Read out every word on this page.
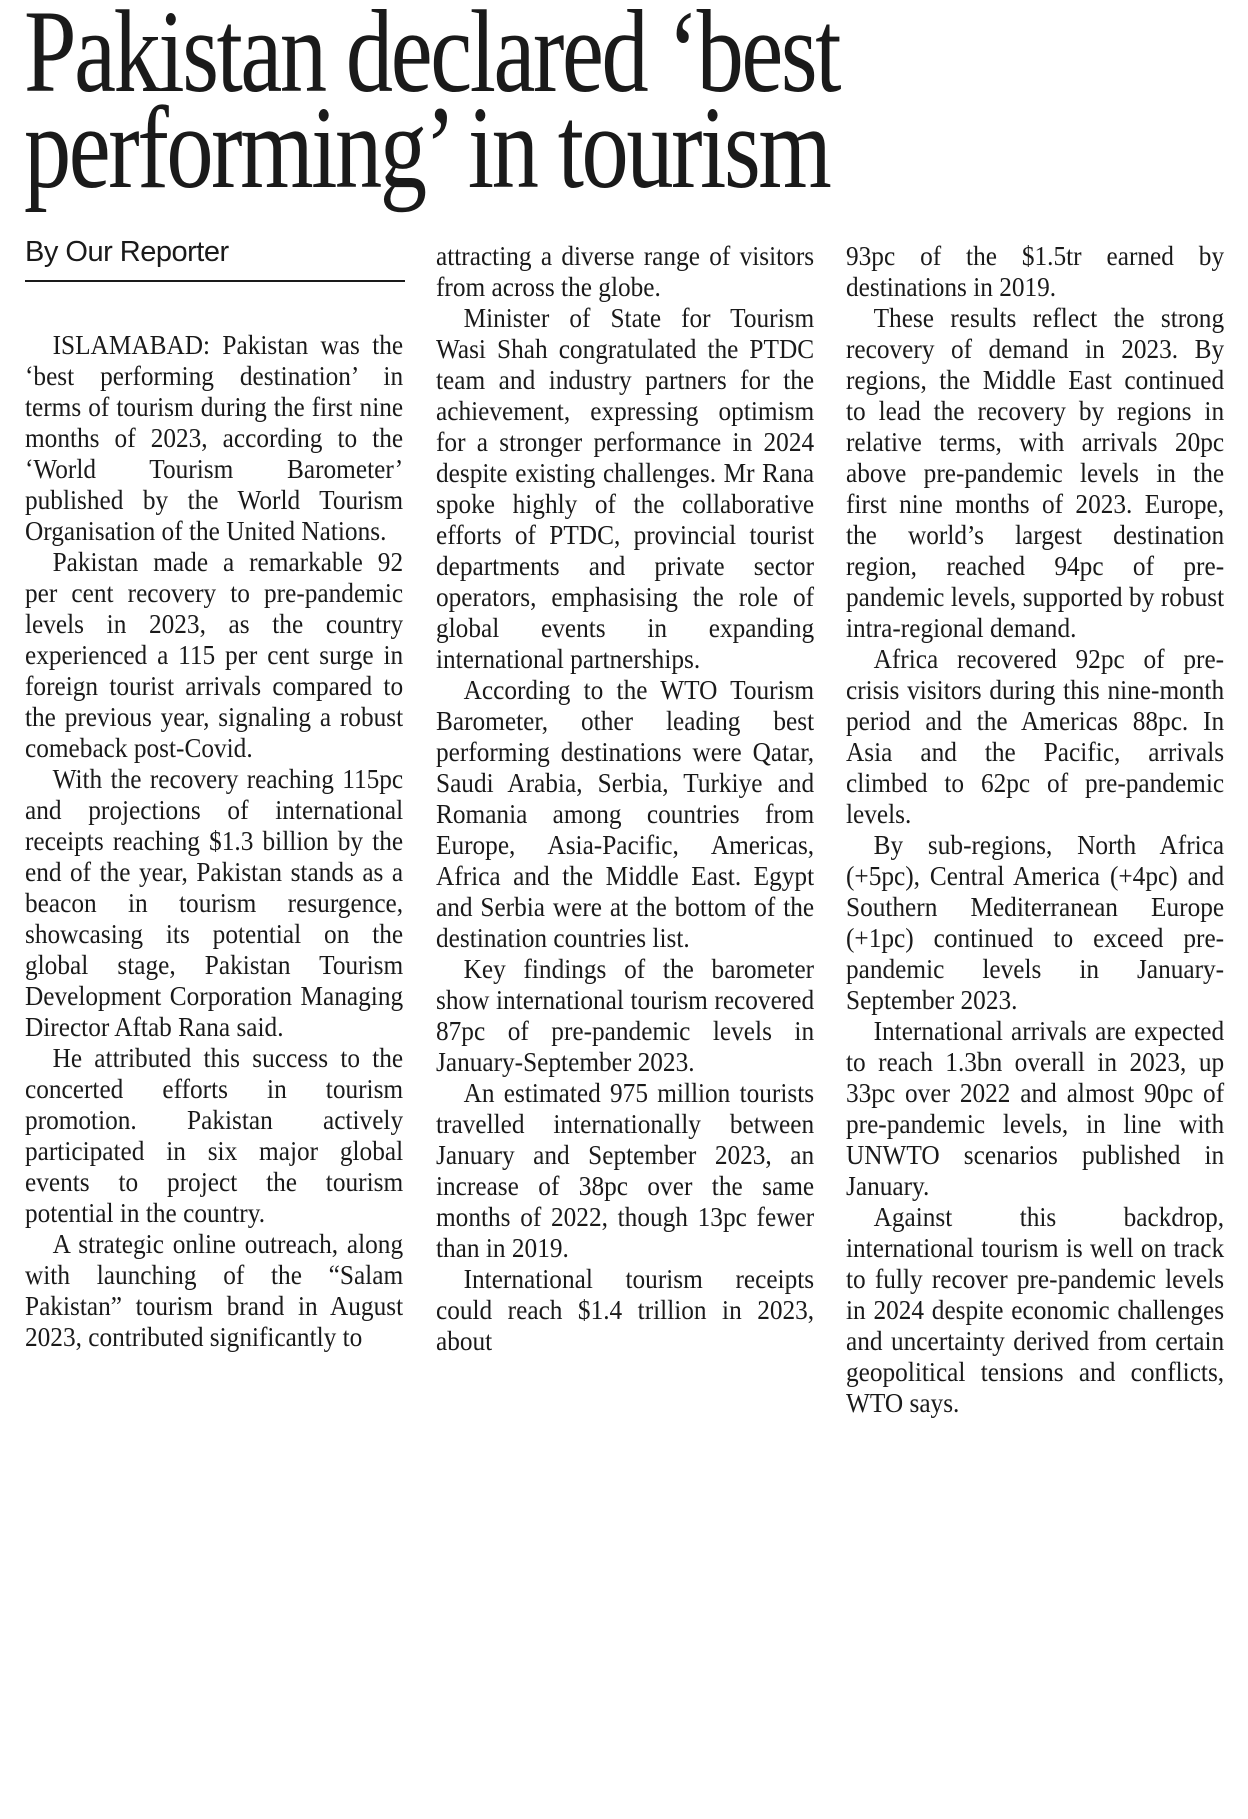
Pakistan declared ‘best
performing’ in tourism
By Our Reporter

ISLAMABAD: Pakistan was the ‘best performing destination’ in terms of tourism during the first nine months of 2023, according to the ‘World Tourism Barometer’ published by the World Tourism Organisation of the United Nations.

Pakistan made a remarkable 92 per cent recovery to pre-pandemic levels in 2023, as the country experienced a 115 per cent surge in foreign tourist arrivals compared to the previous year, signaling a robust comeback post-Covid.

With the recovery reaching 115pc and projections of international receipts reaching $1.3 billion by the end of the year, Pakistan stands as a beacon in tourism resurgence, showcasing its potential on the global stage, Pakistan Tourism Development Corporation Managing Director Aftab Rana said.

He attributed this success to the concerted efforts in tourism promotion. Pakistan actively participated in six major global events to project the tourism potential in the country.

A strategic online outreach, along with launching of the “Salam Pakistan” tourism brand in August 2023, contributed significantly to

attracting a diverse range of visitors from across the globe.

Minister of State for Tourism Wasi Shah congratulated the PTDC team and industry partners for the achievement, expressing optimism for a stronger performance in 2024 despite existing challenges. Mr Rana spoke highly of the collaborative efforts of PTDC, provincial tourist departments and private sector operators, emphasising the role of global events in expanding international partnerships.

According to the WTO Tourism Barometer, other leading best performing destinations were Qatar, Saudi Arabia, Serbia, Turkiye and Romania among countries from Europe, Asia-Pacific, Americas, Africa and the Middle East. Egypt and Serbia were at the bottom of the destination countries list.

Key findings of the barometer show international tourism recovered 87pc of pre-pandemic levels in January-September 2023.

An estimated 975 million tourists travelled internationally between January and September 2023, an increase of 38pc over the same months of 2022, though 13pc fewer than in 2019.

International tourism receipts could reach $1.4 trillion in 2023, about

93pc of the $1.5tr earned by destinations in 2019.

These results reflect the strong recovery of demand in 2023. By regions, the Middle East continued to lead the recovery by regions in relative terms, with arrivals 20pc above pre-pandemic levels in the first nine months of 2023. Europe, the world’s largest destination region, reached 94pc of pre-pandemic levels, supported by robust intra-regional demand.

Africa recovered 92pc of pre-crisis visitors during this nine-month period and the Americas 88pc. In Asia and the Pacific, arrivals climbed to 62pc of pre-pandemic levels.

By sub-regions, North Africa (+5pc), Central America (+4pc) and Southern Mediterranean Europe (+1pc) continued to exceed pre-pandemic levels in January-September 2023.

International arrivals are expected to reach 1.3bn overall in 2023, up 33pc over 2022 and almost 90pc of pre-pandemic levels, in line with UNWTO scenarios published in January.

Against this backdrop, international tourism is well on track to fully recover pre-pandemic levels in 2024 despite economic challenges and uncertainty derived from certain geopolitical tensions and conflicts, WTO says.
